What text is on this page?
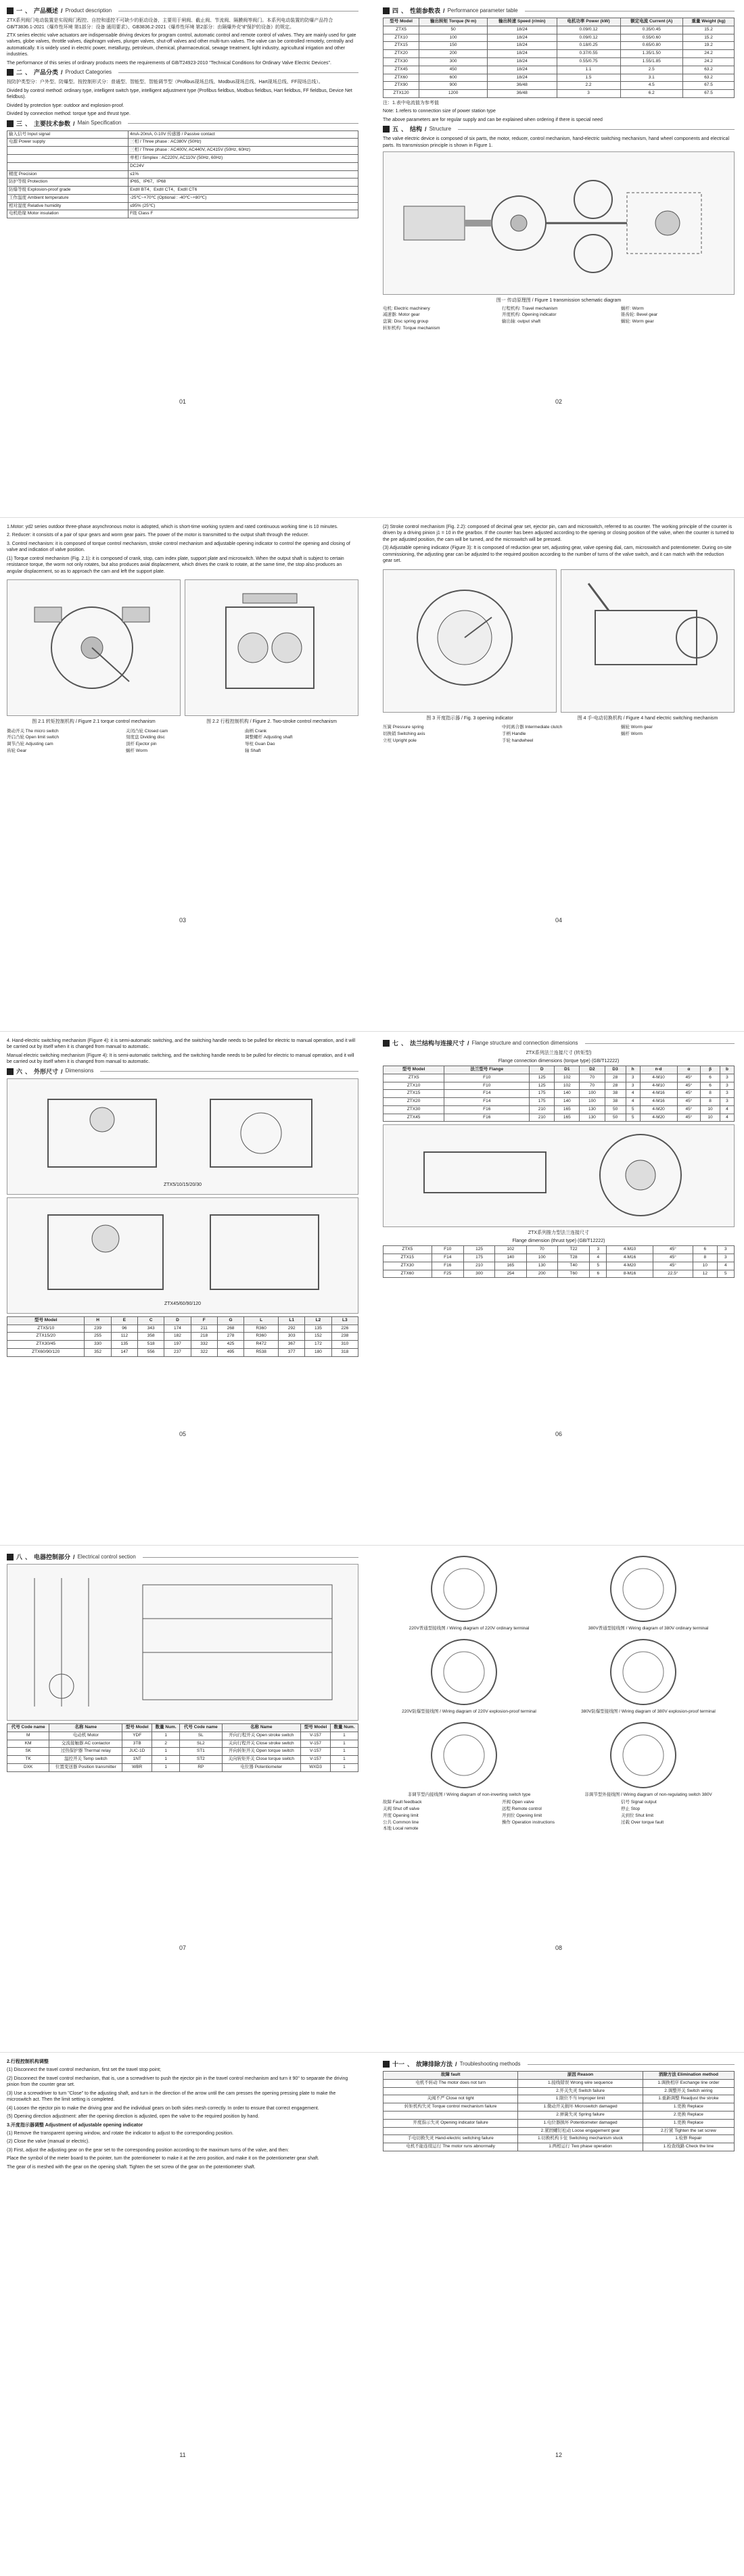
一 、 产品概述 / Product description

ZTX系列阀门电动装置是实现阀门程控、自控和遥控不可缺少的驱动设备，主要用于闸阀、截止阀、节流阀、隔膜阀等阀门。本系列电动装置的防爆产品符合GB/T3836.1-2021《爆炸性环境 第1部分：设备 通用要求》、GB3836.2-2021《爆炸性环境 第2部分：由隔爆外壳"d"保护的设备》的规定。

ZTX series electric valve actuators are indispensable driving devices for program control, automatic control and remote control of valves. They are mainly used for gate valves, globe valves, throttle valves, diaphragm valves, plunger valves, shut-off valves and other multi-turn valves. The valve can be controlled remotely, centrally and automatically. It is widely used in electric power, metallurgy, petroleum, chemical, pharmaceutical, sewage treatment, light industry, agricultural irrigation and other industries.

The performance of this series of ordinary products meets the requirements of GB/T24923-2010 "Technical Conditions for Ordinary Valve Electric Devices".

二 、 产品分类 / Product Categories

按防护类型分：户外型、防爆型。按控制形式分：普通型、智能型、智能调节型（Profibus现场总线、Modbus现场总线、Hart现场总线、FF现场总线）。

Divided by control method: ordinary type, intelligent switch type, intelligent adjustment type (Profibus fieldbus, Modbus fieldbus, Hart fieldbus, FF fieldbus, Device Net fieldbus).

Divided by protection type: outdoor and explosion-proof.

Divided by connection method: torque type and thrust type.

三 、 主要技术参数 / Main Specification
输入信号 Input signal	4mA-20mA, 0-10V 传感器 / Passive contact
电源 Power supply	三相 / Three phase : AC380V (50Hz)
	三相 / Three phase : AC400V, AC440V, AC415V (50Hz, 60Hz)
	单相 / Simplex : AC220V, AC110V (50Hz, 60Hz)
	DC24V
精度 Precision	≤1%
防护等级 Protection	IP65、IP67、IP68
防爆等级 Explosion-proof grade	ExdII BT4、ExdII CT4、ExdII CT6
工作温度 Ambient temperature	-25℃~+70℃ (Optional : -40℃~+80℃)
相对湿度 Relative humidity	≤95% (25℃)
电机绝缘 Motor insulation	F级 Class F
01
四 、 性能参数表 / Performance parameter table
型号 Model	输出转矩 Torque (N·m)	输出转速 Speed (r/min)	电机功率 Power (kW)	额定电流 Current (A)	重量 Weight (kg)
ZTX5	50	18/24	0.09/0.12	0.35/0.45	15.2
ZTX10	100	18/24	0.09/0.12	0.55/0.60	15.2
ZTX15	150	18/24	0.18/0.25	0.65/0.80	19.2
ZTX20	200	18/24	0.37/0.55	1.35/1.50	24.2
ZTX30	300	18/24	0.55/0.75	1.55/1.85	24.2
ZTX45	450	18/24	1.1	2.5	63.2
ZTX60	600	18/24	1.5	3.1	63.2
ZTX90	900	36/48	2.2	4.5	67.5
ZTX120	1200	36/48	3	6.2	67.5

注：1.表中电流值为参考值

Note: 1.refers to connection size of power station type

The above parameters are for regular supply and can be explained when ordering if there is special need

五 、 结构 / Structure

The valve electric device is composed of six parts, the motor, reducer, control mechanism, hand-electric switching mechanism, hand wheel components and electrical parts. Its transmission principle is shown in Figure 1.

图一 传动原理图 / Figure 1 transmission schematic diagram
电机: Electric machinery	行程机构: Travel mechanism	蜗杆: Worm
减速器: Motor gear	开度机构: Opening indicator	锥齿轮: Bevel gear
盘簧: Disc spring group	输出轴: output shaft	蜗轮: Worm gear
转矩机构: Torque mechanism
02

1.Motor: yd2 series outdoor three-phase asynchronous motor is adopted, which is short-time working system and rated continuous working time is 10 minutes.

2. Reducer: it consists of a pair of spur gears and worm gear pairs. The power of the motor is transmitted to the output shaft through the reducer.

3. Control mechanism: it is composed of torque control mechanism, stroke control mechanism and adjustable opening indicator to control the opening and closing of valve and indication of valve position.

(1) Torque control mechanism (Fig. 2.1): it is composed of crank, stop, cam index plate, support plate and microswitch. When the output shaft is subject to certain resistance torque, the worm not only rotates, but also produces axial displacement, which drives the crank to rotate, at the same time, the stop also produces an angular displacement, so as to approach the cam and left the support plate.

图 2.1 转矩控制机构 / Figure 2.1 torque control mechanism	图 2.2 行程控制机构 / Figure 2. Two-stroke control mechanism
微动开关 The micro switch	关闭凸轮 Closed cam	曲柄 Crank
开启凸轮 Open limit switch	刻度盘 Dividing disc	调整螺杆 Adjusting shaft
调节凸轮 Adjusting cam	顶杆 Ejector pin	导柱 Guan Dao
齿轮 Gear	蜗杆 Worm	轴 Shaft
03

(2) Stroke control mechanism (Fig. 2.2): composed of decimal gear set, ejector pin, cam and microswitch, referred to as counter. The working principle of the counter is driven by a driving pinion j1 = 10 in the gearbox. If the counter has been adjusted according to the opening or closing position of the valve, when the counter is turned to the pre adjusted position, the cam will be turned, and the microswitch will be pressed.

(3) Adjustable opening indicator (Figure 3): It is composed of reduction gear set, adjusting gear, valve opening dial, cam, microswitch and potentiometer. During on-site commissioning, the adjusting gear can be adjusted to the required position according to the number of turns of the valve switch, and it can match with the reduction gear set.

图 3 开度指示器 / Fig. 3 opening indicator	图 4 手-电动切换机构 / Figure 4 hand electric switching mechanism
压簧 Pressure spring	中间离合器 Intermediate clutch	蜗轮 Worm gear
切换销 Switching axis	手柄 Handle	蜗杆 Worm
立柱 Upright pole	手轮 handwheel
04

4. Hand-electric switching mechanism (Figure 4): it is semi-automatic switching, and the switching handle needs to be pulled for electric to manual operation, and it will be carried out by itself when it is changed from manual to automatic.

Manual electric switching mechanism (Figure 4): It is semi-automatic switching, and the switching handle needs to be pulled for electric to manual operation, and it will be carried out by itself when it is changed from manual to automatic.

六 、 外形尺寸 / Dimensions
ZTX5/10/15/20/30
ZTX45/60/90/120
型号 Model	H	E	C	D	F	G	L	L1	L2	L3
ZTX5/10	239	96	343	174	211	268	R360	292	135	226
ZTX15/20	255	112	358	182	218	278	R360	303	152	238
ZTX30/45	330	135	518	197	332	425	R472	367	172	310
ZTX60/90/120	352	147	556	237	322	495	R538	377	180	318
05
七 、 法兰结构与连接尺寸 / Flange structure and connection dimensions
ZTX系列法兰连接尺寸 (转矩型)
Flange connection dimensions (torque type) (GB/T12222)
型号 Model	法兰型号 Flange	D	D1	D2	D3	h	n-d	α	β	b
ZTX5	F10	125	102	70	28	3	4-M10	45°	6	3
ZTX10	F10	125	102	70	28	3	4-M10	45°	6	3
ZTX15	F14	175	140	100	38	4	4-M16	45°	8	3
ZTX20	F14	175	140	100	38	4	4-M16	45°	8	3
ZTX30	F16	210	165	130	50	5	4-M20	45°	10	4
ZTX45	F16	210	165	130	50	5	4-M20	45°	10	4
ZTX系列推力型法兰连接尺寸
Flange dimension (thrust type) (GB/T12222)
ZTX5	F10	125	102	70	T22	3	4-M10	45°	6	3
ZTX15	F14	175	140	100	T28	4	4-M16	45°	8	3
ZTX30	F16	210	165	130	T40	5	4-M20	45°	10	4
ZTX60	F25	300	254	200	T60	6	8-M16	22.5°	12	5
06
八 、 电器控制部分 / Electrical control section
代号 Code name	名称 Name	型号 Model	数量 Num.	代号 Code name	名称 Name	型号 Model	数量 Num.
M	电动机 Motor	YDF	1	SL	开向行程开关 Open stroke switch	V-157	1
KM	交流接触器 AC contactor	3TB	2	SL2	关向行程开关 Close stroke switch	V-157	1
SK	过热保护器 Thermal relay	JUC-1D	1	ST1	开向转矩开关 Open torque switch	V-157	1
TK	温控开关 Temp switch	1NT	1	ST2	关向转矩开关 Close torque switch	V-157	1
DXK	位置变送器 Position transmitter	WBR	1	RP	电位器 Potentiometer	WXD3	1
07
220V普通型接线图 / Wiring diagram of 220V ordinary terminal	380V普通型接线图 / Wiring diagram of 380V ordinary terminal
220V防爆型接线图 / Wiring diagram of 220V explosion-proof terminal	380V防爆型接线图 / Wiring diagram of 380V explosion-proof terminal
非调节型内接线图 / Wiring diagram of non-inverting switch type	非调节型外接线图 / Wiring diagram of non-regulating switch 380V
故障 Fault feedback	开阀 Open valve	信号 Signal output
关阀 Shut off valve	远程 Remote control	停止 Stop
开度 Opening limit	开到位 Opening limit	关到位 Shut limit
公共 Common line	操作 Operation instructions	过载 Over torque fault
本地 Local remote
08

2.行程控制机构调整

(1) Disconnect the travel control mechanism, first set the travel stop point;

(2) Disconnect the travel control mechanism, that is, use a screwdriver to push the ejector pin in the travel control mechanism and turn it 90° to separate the driving pinion from the counter gear set.

(3) Use a screwdriver to turn "Close" to the adjusting shaft, and turn in the direction of the arrow until the cam presses the opening pressing plate to make the microswitch act. Then the limit setting is completed.

(4) Loosen the ejector pin to make the driving gear and the individual gears on both sides mesh correctly. In order to ensure that correct engagement.

(5) Opening direction adjustment: after the opening direction is adjusted, open the valve to the required position by hand.

3.开度指示器调整 Adjustment of adjustable opening indicator

(1) Remove the transparent opening window, and rotate the indicator to adjust to the corresponding position.

(2) Close the valve (manual or electric).

(3) First, adjust the adjusting gear on the gear set to the corresponding position according to the maximum turns of the valve, and then:

Place the symbol of the meter board to the pointer, turn the potentiometer to make it at the zero position, and make it on the potentiometer gear shaft.

The gear of is meshed with the gear on the opening shaft. Tighten the set screw of the gear on the potentiometer shaft.

11
十一 、 故障排除方法 / Troubleshooting methods
故障 fault	原因 Reason	消除方法 Elimination method
电机不转动 The motor does not turn	1.接线错误 Wrong wire sequence	1.调换相序 Exchange line order
	2.开关失灵 Switch failure	2.调整开关 Switch wiring
关阀不严 Close not tight	1.限位不当 Improper limit	1.重新调整 Readjust the stroke
转矩机构失灵 Torque control mechanism failure	1.微动开关损坏 Microswitch damaged	1.更换 Replace
	2.弹簧失灵 Spring failure	2.更换 Replace
开度指示失灵 Opening indicator failure	1.电位器损坏 Potentiometer damaged	1.更换 Replace
	2.紧固螺钉松动 Loose engagement gear	2.拧紧 Tighten the set screw
手电切换失灵 Hand-electric switching failure	1.切换机构卡住 Switching mechanism stuck	1.检修 Repair
电机不能连续运行 The motor runs abnormally	1.两相运行 Two phase operation	1.检查线路 Check the line
12
